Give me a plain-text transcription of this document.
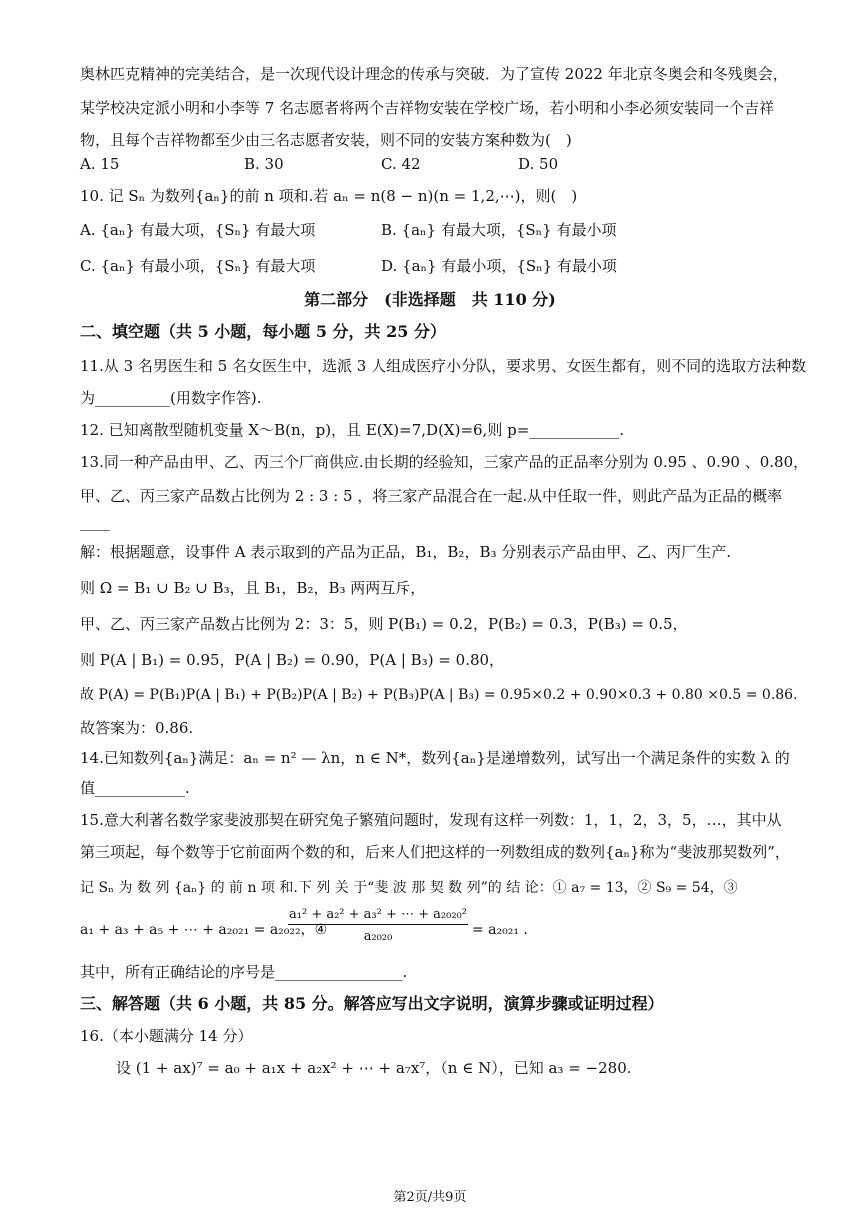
奥林匹克精神的完美结合，是一次现代设计理念的传承与突破．为了宣传 2022 年北京冬奥会和冬残奥会，
某学校决定派小明和小李等 7 名志愿者将两个吉祥物安装在学校广场，若小明和小李必须安装同一个吉祥
物，且每个吉祥物都至少由三名志愿者安装，则不同的安装方案种数为(　)
A. 15	B. 30	C. 42	D. 50
10. 记 Sₙ 为数列{aₙ}的前 n 项和.若 aₙ = n(8 − n)(n = 1,2,⋯)，则(　)
A. {aₙ} 有最大项，{Sₙ} 有最大项	B. {aₙ} 有最大项，{Sₙ} 有最小项
C. {aₙ} 有最小项，{Sₙ} 有最大项	D. {aₙ} 有最小项，{Sₙ} 有最小项
第二部分　(非选择题　共 110 分)
二、填空题（共 5 小题，每小题 5 分，共 25 分）
11.从 3 名男医生和 5 名女医生中，选派 3 人组成医疗小分队，要求男、女医生都有，则不同的选取方法种数
为__________(用数字作答).
12. 已知离散型随机变量 X～B(n，p)，且 E(X)=7,D(X)=6,则 p=____________.
13.同一种产品由甲、乙、丙三个厂商供应.由长期的经验知，三家产品的正品率分别为 0.95 、0.90 、0.80，
甲、乙、丙三家产品数占比例为 2 : 3 : 5 ，将三家产品混合在一起.从中任取一件，则此产品为正品的概率
____
解：根据题意，设事件 A 表示取到的产品为正品，B₁，B₂，B₃ 分别表示产品由甲、乙、丙厂生产.
则 Ω = B₁ ∪ B₂ ∪ B₃，且 B₁，B₂，B₃ 两两互斥，
甲、乙、丙三家产品数占比例为 2：3：5，则 P(B₁) = 0.2，P(B₂) = 0.3，P(B₃) = 0.5，
则 P(A | B₁) = 0.95，P(A | B₂) = 0.90，P(A | B₃) = 0.80，
故 P(A) = P(B₁)P(A | B₁) + P(B₂)P(A | B₂) + P(B₃)P(A | B₃) = 0.95×0.2 + 0.90×0.3 + 0.80 ×0.5 = 0.86.
故答案为：0.86.
14.已知数列{aₙ}满足：aₙ = n² — λn，n ∈ N*，数列{aₙ}是递增数列，试写出一个满足条件的实数 λ 的
值____________.
15.意大利著名数学家斐波那契在研究兔子繁殖问题时，发现有这样一列数：1，1，2，3，5，…，其中从
第三项起，每个数等于它前面两个数的和，后来人们把这样的一列数组成的数列{aₙ}称为“斐波那契数列”，
记 Sₙ 为 数 列 {aₙ} 的 前 n 项 和.下 列 关 于“斐 波 那 契 数 列”的 结 论：① a₇ = 13，② S₉ = 54，③
a₁ + a₃ + a₅ + ⋯ + a₂₀₂₁ = a₂₀₂₂，④
a₁² + a₂² + a₃² + ⋯ + a₂₀₂₀²
a₂₀₂₀	= a₂₀₂₁ .
其中，所有正确结论的序号是_________________.
三、解答题（共 6 小题，共 85 分。解答应写出文字说明，演算步骤或证明过程）
16.（本小题满分 14 分）
设 (1 + ax)⁷ = a₀ + a₁x + a₂x² + ⋯ + a₇x⁷，（n ∈ N），已知 a₃ = −280.
第2页/共9页
